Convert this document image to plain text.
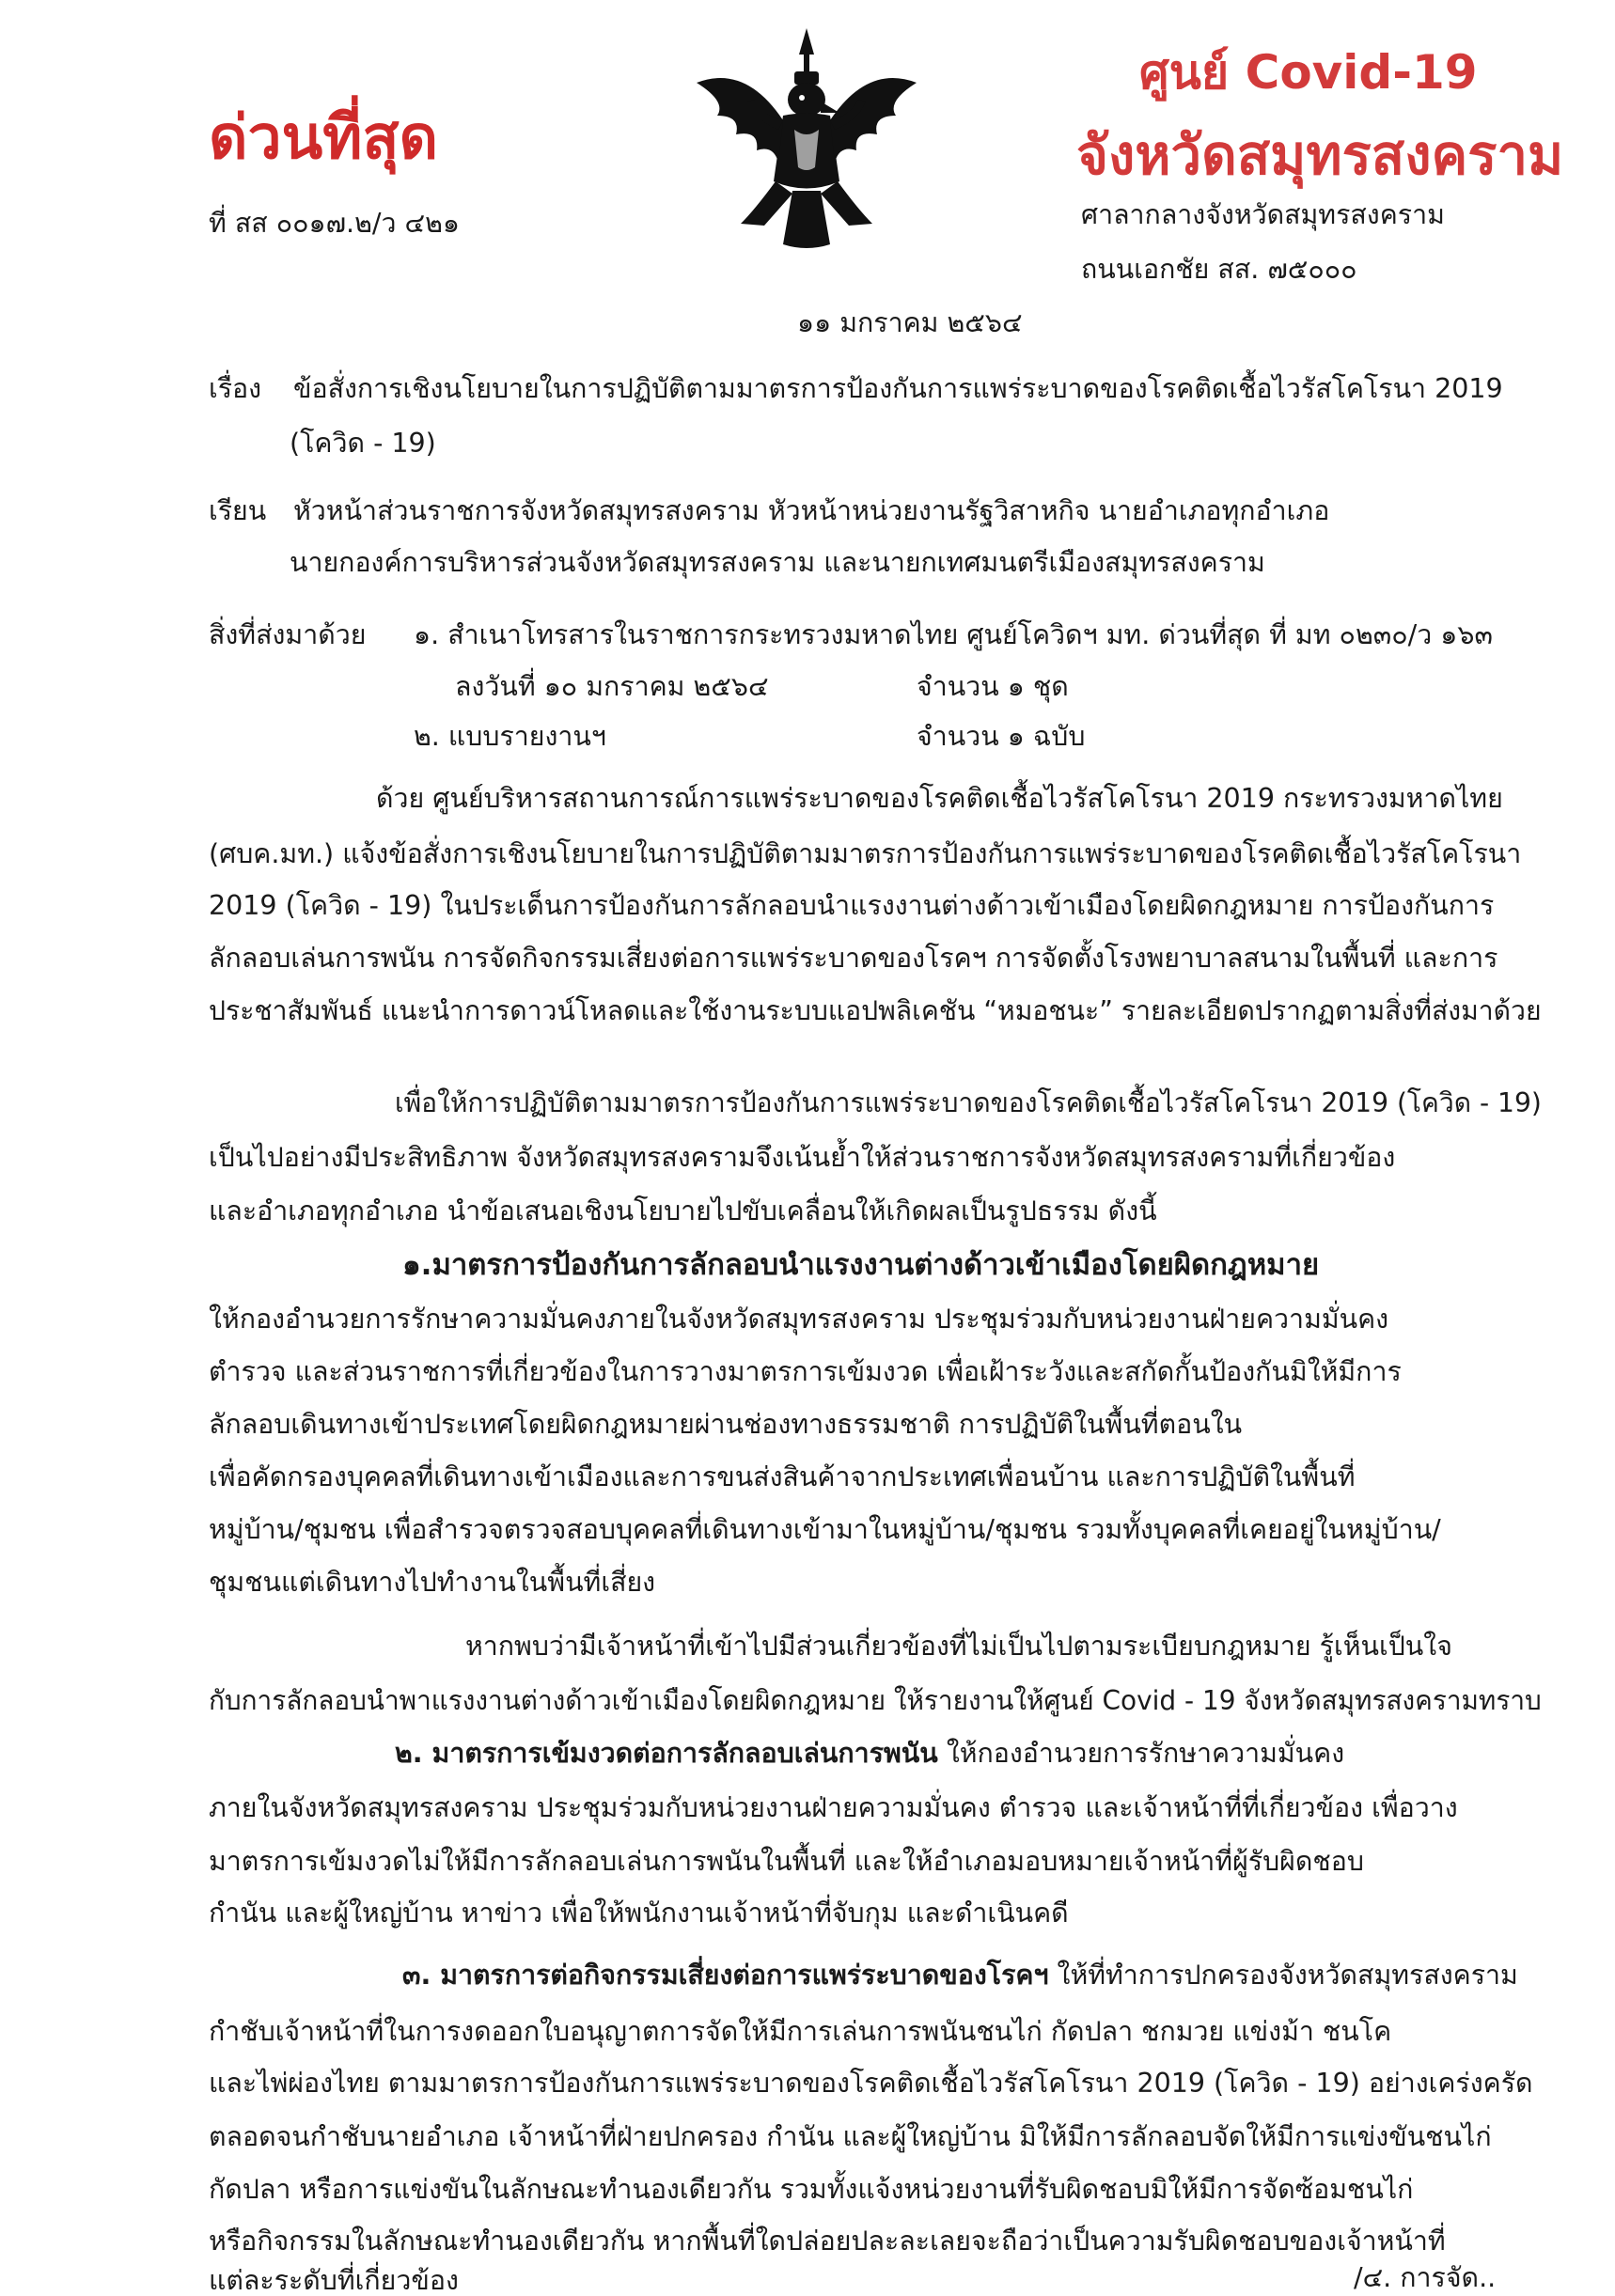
ด่วนที่สุด
ศูนย์ Covid-19
จังหวัดสมุทรสงคราม
ที่ สส ๐๐๑๗.๒/ว ๔๒๑	ศาลากลางจังหวัดสมุทรสงคราม
ถนนเอกชัย สส. ๗๕๐๐๐
๑๑ มกราคม ๒๕๖๔
เรื่อง ข้อสั่งการเชิงนโยบายในการปฏิบัติตามมาตรการป้องกันการแพร่ระบาดของโรคติดเชื้อไวรัสโคโรนา 2019
(โควิด - 19)
เรียน หัวหน้าส่วนราชการจังหวัดสมุทรสงคราม หัวหน้าหน่วยงานรัฐวิสาหกิจ นายอำเภอทุกอำเภอ
นายกองค์การบริหารส่วนจังหวัดสมุทรสงคราม และนายกเทศมนตรีเมืองสมุทรสงคราม
สิ่งที่ส่งมาด้วย ๑. สำเนาโทรสารในราชการกระทรวงมหาดไทย ศูนย์โควิดฯ มท. ด่วนที่สุด ที่ มท ๐๒๓๐/ว ๑๖๓
ลงวันที่ ๑๐ มกราคม ๒๕๖๔	จำนวน ๑ ชุด
๒. แบบรายงานฯ	จำนวน ๑ ฉบับ
ด้วย ศูนย์บริหารสถานการณ์การแพร่ระบาดของโรคติดเชื้อไวรัสโคโรนา 2019 กระทรวงมหาดไทย
(ศบค.มท.) แจ้งข้อสั่งการเชิงนโยบายในการปฏิบัติตามมาตรการป้องกันการแพร่ระบาดของโรคติดเชื้อไวรัสโคโรนา
2019 (โควิด - 19) ในประเด็นการป้องกันการลักลอบนำแรงงานต่างด้าวเข้าเมืองโดยผิดกฎหมาย การป้องกันการ
ลักลอบเล่นการพนัน การจัดกิจกรรมเสี่ยงต่อการแพร่ระบาดของโรคฯ การจัดตั้งโรงพยาบาลสนามในพื้นที่ และการ
ประชาสัมพันธ์ แนะนำการดาวน์โหลดและใช้งานระบบแอปพลิเคชัน “หมอชนะ” รายละเอียดปรากฏตามสิ่งที่ส่งมาด้วย
เพื่อให้การปฏิบัติตามมาตรการป้องกันการแพร่ระบาดของโรคติดเชื้อไวรัสโคโรนา 2019 (โควิด - 19)
เป็นไปอย่างมีประสิทธิภาพ จังหวัดสมุทรสงครามจึงเน้นย้ำให้ส่วนราชการจังหวัดสมุทรสงครามที่เกี่ยวข้อง
และอำเภอทุกอำเภอ นำข้อเสนอเชิงนโยบายไปขับเคลื่อนให้เกิดผลเป็นรูปธรรม ดังนี้
๑.มาตรการป้องกันการลักลอบนำแรงงานต่างด้าวเข้าเมืองโดยผิดกฎหมาย
ให้กองอำนวยการรักษาความมั่นคงภายในจังหวัดสมุทรสงคราม ประชุมร่วมกับหน่วยงานฝ่ายความมั่นคง
ตำรวจ และส่วนราชการที่เกี่ยวข้องในการวางมาตรการเข้มงวด เพื่อเฝ้าระวังและสกัดกั้นป้องกันมิให้มีการ
ลักลอบเดินทางเข้าประเทศโดยผิดกฎหมายผ่านช่องทางธรรมชาติ การปฏิบัติในพื้นที่ตอนใน
เพื่อคัดกรองบุคคลที่เดินทางเข้าเมืองและการขนส่งสินค้าจากประเทศเพื่อนบ้าน และการปฏิบัติในพื้นที่
หมู่บ้าน/ชุมชน เพื่อสำรวจตรวจสอบบุคคลที่เดินทางเข้ามาในหมู่บ้าน/ชุมชน รวมทั้งบุคคลที่เคยอยู่ในหมู่บ้าน/
ชุมชนแต่เดินทางไปทำงานในพื้นที่เสี่ยง
หากพบว่ามีเจ้าหน้าที่เข้าไปมีส่วนเกี่ยวข้องที่ไม่เป็นไปตามระเบียบกฎหมาย รู้เห็นเป็นใจ
กับการลักลอบนำพาแรงงานต่างด้าวเข้าเมืองโดยผิดกฎหมาย ให้รายงานให้ศูนย์ Covid - 19 จังหวัดสมุทรสงครามทราบ
๒. มาตรการเข้มงวดต่อการลักลอบเล่นการพนัน ให้กองอำนวยการรักษาความมั่นคง
ภายในจังหวัดสมุทรสงคราม ประชุมร่วมกับหน่วยงานฝ่ายความมั่นคง ตำรวจ และเจ้าหน้าที่ที่เกี่ยวข้อง เพื่อวาง
มาตรการเข้มงวดไม่ให้มีการลักลอบเล่นการพนันในพื้นที่ และให้อำเภอมอบหมายเจ้าหน้าที่ผู้รับผิดชอบ
กำนัน และผู้ใหญ่บ้าน หาข่าว เพื่อให้พนักงานเจ้าหน้าที่จับกุม และดำเนินคดี
๓. มาตรการต่อกิจกรรมเสี่ยงต่อการแพร่ระบาดของโรคฯ ให้ที่ทำการปกครองจังหวัดสมุทรสงคราม
กำชับเจ้าหน้าที่ในการงดออกใบอนุญาตการจัดให้มีการเล่นการพนันชนไก่ กัดปลา ชกมวย แข่งม้า ชนโค
และไพ่ผ่องไทย ตามมาตรการป้องกันการแพร่ระบาดของโรคติดเชื้อไวรัสโคโรนา 2019 (โควิด - 19) อย่างเคร่งครัด
ตลอดจนกำชับนายอำเภอ เจ้าหน้าที่ฝ่ายปกครอง กำนัน และผู้ใหญ่บ้าน มิให้มีการลักลอบจัดให้มีการแข่งขันชนไก่
กัดปลา หรือการแข่งขันในลักษณะทำนองเดียวกัน รวมทั้งแจ้งหน่วยงานที่รับผิดชอบมิให้มีการจัดซ้อมชนไก่
หรือกิจกรรมในลักษณะทำนองเดียวกัน หากพื้นที่ใดปล่อยปละละเลยจะถือว่าเป็นความรับผิดชอบของเจ้าหน้าที่
แต่ละระดับที่เกี่ยวข้อง	/๔. การจัด..
